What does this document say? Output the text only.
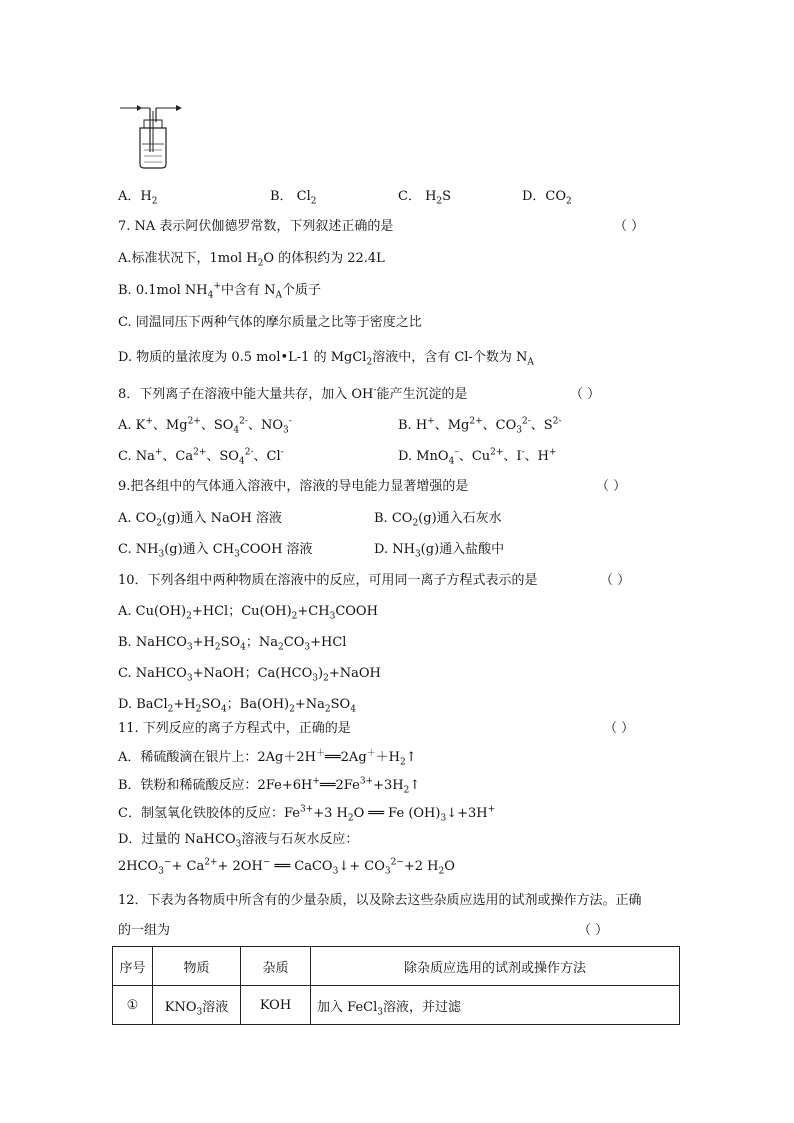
A．$H_2$	B． $Cl_2$	C． $H_2S$	D．$CO_2$
7. NA 表示阿伏伽德罗常数，下列叙述正确的是	（ ）
A.标准状况下，1mol $H_2O$ 的体积约为 22.4L
B. 0.1mol $NH_4^+$中含有 $N_A$个质子
C. 同温同压下两种气体的摩尔质量之比等于密度之比
D. 物质的量浓度为 0.5 mol•L-1 的 MgCl$_2$溶液中，含有 Cl-个数为 $N_A$
8．下列离子在溶液中能大量共存，加入 OH-能产生沉淀的是	（ ）
A. K+、$Mg^{2+}$、$SO_4^{2-}$、$NO_3^-$	B. H+、$Mg^{2+}$、$CO_3^{2-}$、$S^{2-}$
C. Na+、$Ca^{2+}$、$SO_4^{2-}$、Cl-	D. MnO$_4$–、$Cu^{2+}$、I-、H+
9.把各组中的气体通入溶液中，溶液的导电能力显著增强的是	（ ）
A. $CO_2(g)$通入 NaOH 溶液	B. $CO_2(g)$通入石灰水
C. $NH_3(g)$通入 $CH_3COOH$ 溶液	D. $NH_3(g)$通入盐酸中
10．下列各组中两种物质在溶液中的反应，可用同一离子方程式表示的是	（ ）
A. $Cu(OH)_2+HCl$；$Cu(OH)_2+CH_3COOH$
B. $NaHCO_3+H_2SO_4$；$Na_2CO_3+HCl$
C. NaHCO$_3$+NaOH；$Ca(HCO_3)_2+NaOH$
D. $BaCl_2+H_2SO_4$；$Ba(OH)_2+Na_2SO_4$
11. 下列反应的离子方程式中，正确的是	（ ）
A．稀硫酸滴在银片上：$2Ag+2H^+══2Ag^++H_2↑$
B．铁粉和稀硫酸反应：$2Fe+6H^+══2Fe^{3+}+3H_2↑$
C．制氢氧化铁胶体的反应：$Fe^{3+}+3$ $H_2O$ ══ Fe $(OH)_3↓+3H^+$
D．过量的 NaHCO$_3$溶液与石灰水反应：
$2HCO_3^-+ Ca^{2+}+ 2OH^-$ ══ CaCO$_3$↓+ $CO_3^{2-}+2$ $H_2O$
12．下表为各物质中所含有的少量杂质，以及除去这些杂质应选用的试剂或操作方法。正确
的一组为	（ ）
序号	物质	杂质	除杂质应选用的试剂或操作方法
①	$KNO_3$溶液	KOH	加入 FeCl$_3$溶液，并过滤
